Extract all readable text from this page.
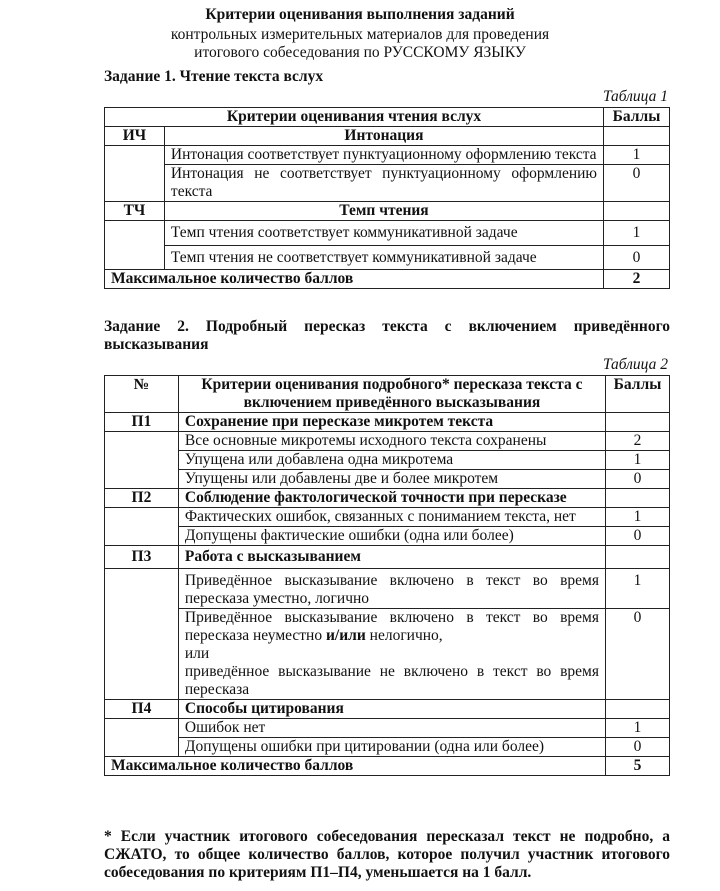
Критерии оценивания выполнения заданий
контрольных измерительных материалов для проведения
итогового собеседования по РУССКОМУ ЯЗЫКУ
Задание 1. Чтение текста вслух
Таблица 1
Критерии оценивания чтения вслух		Баллы
ИЧ	Интонация	
	Интонация соответствует пунктуационному оформлению текста	1
	Интонация не соответствует пунктуационному оформлению текста	0
ТЧ	Темп чтения	
	Темп чтения соответствует коммуникативной задаче	1
	Темп чтения не соответствует коммуникативной задаче	0
Максимальное количество баллов		2
Задание 2. Подробный пересказ текста с включением приведённого высказывания
Таблица 2
№	Критерии оценивания подробного* пересказа текста с включением приведённого высказывания	Баллы
П1	Сохранение при пересказе микротем текста	
	Все основные микротемы исходного текста сохранены	2
	Упущена или добавлена одна микротема	1
	Упущены или добавлены две и более микротем	0
П2	Соблюдение фактологической точности при пересказе	
	Фактических ошибок, связанных с пониманием текста, нет	1
	Допущены фактические ошибки (одна или более)	0
П3	Работа с высказыванием	
	Приведённое высказывание включено в текст во время пересказа уместно, логично	1
	Приведённое высказывание включено в текст во время пересказа неуместно и/или нелогично,
или
приведённое высказывание не включено в текст во время пересказа	0
П4	Способы цитирования	
	Ошибок нет	1
	Допущены ошибки при цитировании (одна или более)	0
Максимальное количество баллов		5
* Если участник итогового собеседования пересказал текст не подробно, а СЖАТО, то общее количество баллов, которое получил участник итогового собеседования по критериям П1–П4, уменьшается на 1 балл.
